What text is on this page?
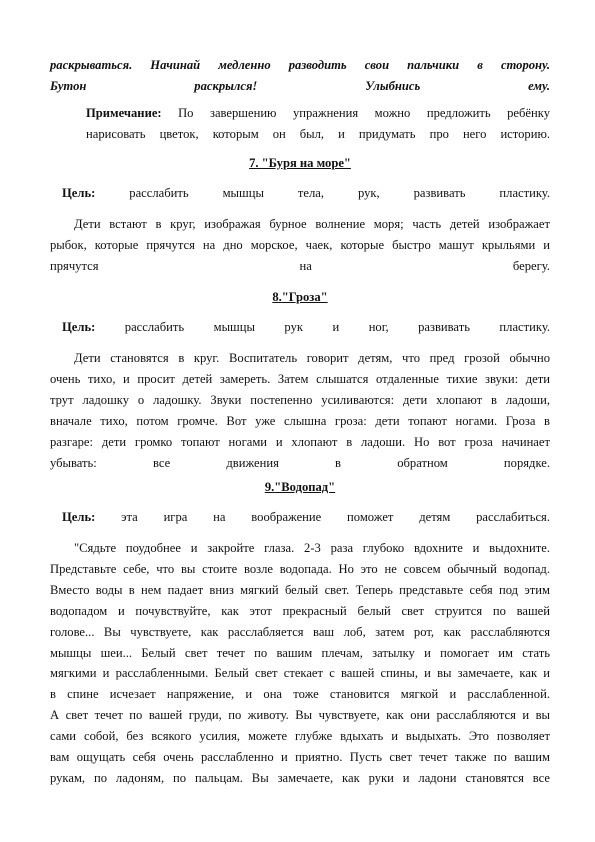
раскрываться. Начинай медленно разводить свои пальчики в сторону.
Бутон раскрылся! Улыбнись ему.
Примечание: По завершению упражнения можно предложить ребёнку
нарисовать цветок, которым он был, и придумать про него историю.

7. "Буря на море"

Цель: расслабить мышцы тела, рук, развивать пластику.
Дети встают в круг, изображая бурное волнение моря; часть детей изображает
рыбок, которые прячутся на дно морское, чаек, которые быстро машут крыльями и
прячутся на берегу.

8."Гроза"

Цель: расслабить мышцы рук и ног, развивать пластику.
Дети становятся в круг. Воспитатель говорит детям, что пред грозой обычно
очень тихо, и просит детей замереть. Затем слышатся отдаленные тихие звуки: дети
трут ладошку о ладошку. Звуки постепенно усиливаются: дети хлопают в ладоши,
вначале тихо, потом громче. Вот уже слышна гроза: дети топают ногами. Гроза в
разгаре: дети громко топают ногами и хлопают в ладоши. Но вот гроза начинает
убывать: все движения в обратном порядке.

9."Водопад"

Цель: эта игра на воображение поможет детям расслабиться.
"Сядьте поудобнее и закройте глаза. 2-3 раза глубоко вдохните и выдохните.
Представьте себе, что вы стоите возле водопада. Но это не совсем обычный водопад.
Вместо воды в нем падает вниз мягкий белый свет. Теперь представьте себя под этим
водопадом и почувствуйте, как этот прекрасный белый свет струится по вашей
голове... Вы чувствуете, как расслабляется ваш лоб, затем рот, как расслабляются
мышцы шеи... Белый свет течет по вашим плечам, затылку и помогает им стать
мягкими и расслабленными. Белый свет стекает с вашей спины, и вы замечаете, как и
в спине исчезает напряжение, и она тоже становится мягкой и расслабленной.
А свет течет по вашей груди, по животу. Вы чувствуете, как они расслабляются и вы
сами собой, без всякого усилия, можете глубже вдыхать и выдыхать. Это позволяет
вам ощущать себя очень расслабленно и приятно. Пусть свет течет также по вашим
рукам, по ладоням, по пальцам. Вы замечаете, как руки и ладони становятся все
